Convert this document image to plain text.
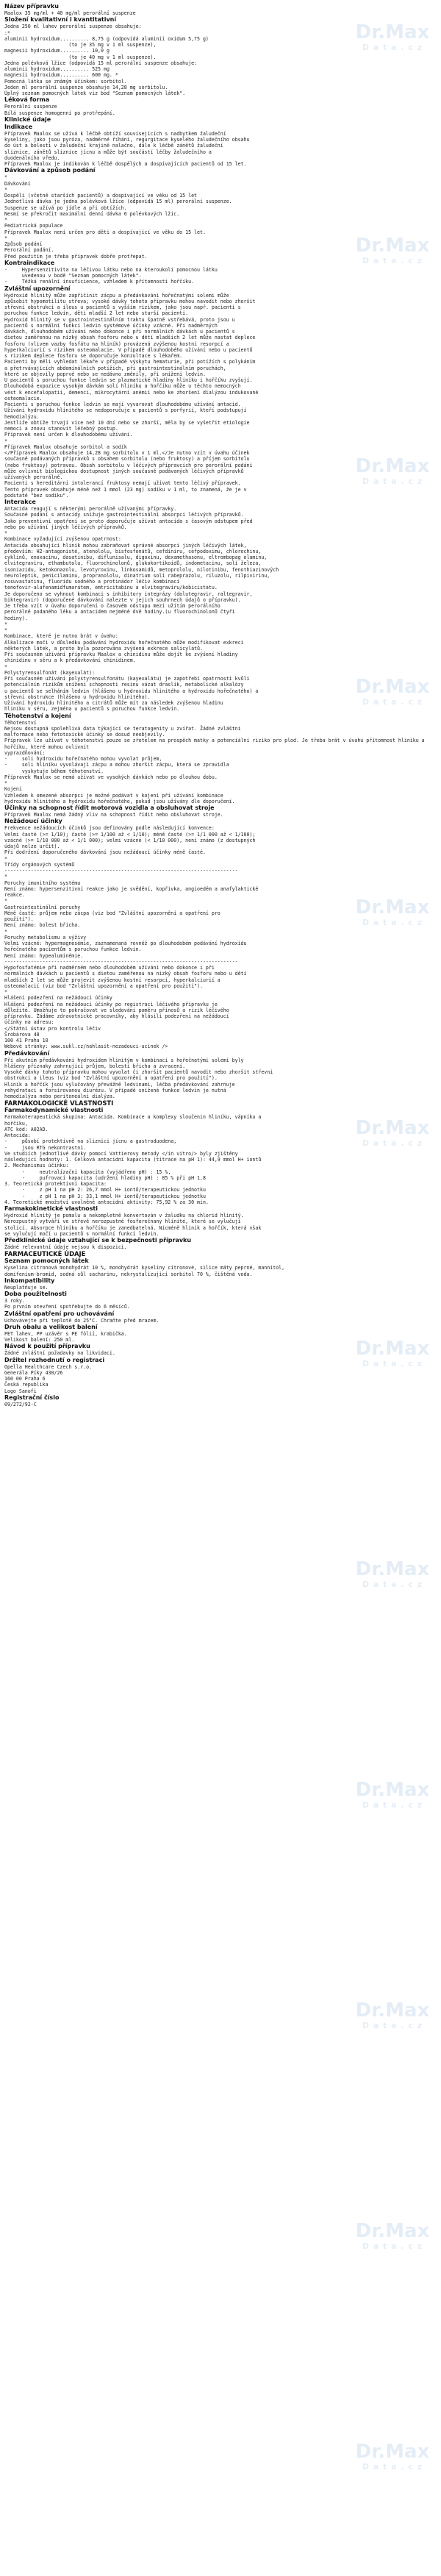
Dr.Max
D a t a . c z
Dr.Max
D a t a . c z
Dr.Max
D a t a . c z
Dr.Max
D a t a . c z
Dr.Max
D a t a . c z
Dr.Max
D a t a . c z
Dr.Max
D a t a . c z
Dr.Max
D a t a . c z
Dr.Max
D a t a . c z
Dr.Max
D a t a . c z
Dr.Max
D a t a . c z
Dr.Max
D a t a . c z
Název přípravku
Maalox 35 mg/ml + 40 mg/ml perorální suspenze
Složení kvalitativní i kvantitativní
Jedna 250 ml lahev perorální suspenze obsahuje:
:*
aluminii hydroxidum.......... 8,75 g (odpovídá aluminii oxidum 5,75 g)
(to je 35 mg v 1 ml suspenze),
magnesii hydroxidum.......... 10,0 g
(to je 40 mg v 1 ml suspenze).
Jedna polévková lžíce (odpovídá 15 ml perorální suspenze obsahuje:
aluminii hydroxidum.......... 525 mg
magnesii hydroxidum.......... 600 mg. *
Pomocná látka se známým účinkem: sorbitol.
Jeden ml perorální suspenze obsahuje 14,28 mg sorbitolu.
Úplný seznam pomocných látek viz bod "Seznam pomocných látek".
Léková forma
Perorální suspenze
Bílá suspenze homogenní po protřepání.
Klinické údaje
Indikace
Přípravek Maalox se užívá k léčbě obtíží souvisejících s nadbytkem žaludeční
kyseliny, jako jsou pyróza, nadměrné říhání, regurgitace kyselého žaludečního obsahu
do úst a bolesti v žaludeční krajině nalačno, dále k léčbě zánětů žaludeční
sliznice, zánětů sliznice jícnu a může být součástí léčby žaludečního a
duodenálního vředu.
Přípravek Maalox je indikován k léčbě dospělých a dospívajících pacientů od 15 let.
Dávkování a způsob podání
*
Dávkování
*
Dospělí (včetně starších pacientů) a dospívající ve věku od 15 let
Jednotlivá dávka je jedna polévková lžíce (odpovídá 15 ml) perorální suspenze.
Suspenze se užívá po jídle a při obtížích.
Nesmí se překročit maximální denní dávka 6 polévkových lžic.
*
Pediatrická populace
Přípravek Maalox není určen pro děti a dospívající ve věku do 15 let.
*
Způsob podání
Perorální podání.
Před použitím je třeba přípravek dobře protřepat.
Kontraindikace
-     Hypersenzitivita na léčivou látku nebo na kteroukoli pomocnou látku
uvedenou v bodě "Seznam pomocných látek".
-     Těžká renální insuficience, vzhledem k přítomnosti hořčíku.
Zvláštní upozornění
Hydroxid hlinitý může zapříčinit zácpu a předávkování hořečnatými solemi může
způsobit hypomotilitu střeva; vysoké dávky tohoto přípravku mohou navodit nebo zhoršit
střevní obstrukci a ileus u pacientů s vyšším rizikem, jako jsou např. pacienti s
poruchou funkce ledvin, děti mladší 2 let nebo starší pacienti.
Hydroxid hlinitý se v gastrointestinálním traktu špatně vstřebává, proto jsou u
pacientů s normální funkcí ledvin systémové účinky vzácné. Při nadměrných
dávkách, dlouhodobém užívání nebo dokonce i při normálních dávkách u pacientů s
dietou zaměřenou na nízký obsah fosforu nebo u dětí mladších 2 let může nastat deplece
fosforu (vlivem vazby fosfátu na hliník) provázená zvýšenou kostní resorpcí a
hyperkalciurií s rizikem osteomalacie. V případě dlouhodobého užívání nebo u pacientů
s rizikem deplece fosforu se doporučuje konzultace s lékařem.
Pacienti by měli vyhledat lékaře v případě výskytu hematurie, při potížích s polykáním
a přetrvávajících abdominálních potížích, při gastrointestinálním poruchách,
které se objevily poprvé nebo se nedávno změnily, při snížení ledvin.
U pacientů s poruchou funkce ledvin se plazmatické hladiny hliníku i hořčíku zvyšují.
Dlouhodobá expozice vysokým dávkám solí hliníku a hořčíku může u těchto nemocných
vést k encefalopatii, demenci, mikrocytární anémii nebo ke zhoršení dialýzou indukované
osteomalacie.
Pacienti s poruchou funkce ledvin se mají vyvarovat dlouhodobému užívání antacid.
Užívání hydroxidu hlinitého se nedoporučuje u pacientů s porfyrií, kteří podstupují
hemodialýzu.
Jestliže obtíže trvají více než 10 dní nebo se zhorší, měla by se vyšetřit etiologie
nemoci a znovu stanovit léčebný postup.
Přípravek není určen k dlouhodobému užívání.
*
Přípravek Maalox obsahuje sorbitol a sodík
</Přípravek Maalox obsahuje 14,28 mg sorbitolu v 1 ml.</Je nutno vzít v úvahu účinek
současně podávaných přípravků s obsahem sorbitolu (nebo fruktosy) a příjem sorbitolu
(nebo fruktosy) potravou. Obsah sorbitolu v léčivých přípravcích pro perorální podání
může ovlivnit biologickou dostupnost jiných současně podávaných léčivých přípravků
užívaných perorálně.
Pacienti s hereditární intolerancí fruktosy nemají užívat tento léčivý přípravek.
Tento přípravek obsahuje méně než 1 mmol (23 mg) sodíku v 1 ml, to znamená, že je v
podstatě "bez sodíku".
Interakce
Antacida reagují s některými perorálně užívanými přípravky.
Současné podání s antacidy snižuje gastrointestinální absorpci léčivých přípravků.
Jako preventivní opatření se proto doporučuje užívat antacida s časovým odstupem před
nebo po užívání jiných léčivých přípravků.
*
Kombinace vyžadující zvýšenou opatrnost:
Antacida obsahující hliník mohou zabraňovat správné absorpci jiných léčivých látek,
především: H2-antagonisté, atenololu, bisfosfonátů, cefdiniru, cefpodoximu, chlorochinu,
cyklinů, enoxacinu, dasatinibu, diflunisalu, digoxinu, dexamethasonu, eltrombopag olaminu,
elvitegraviru, ethambutolu, fluorochinolonů, glukokortikoidů, indometacinu, solí železa,
isoniazidu, ketokonazolu, levotyroxinu, linkosamidů, metoprololu, nilotinibu, fenothiazinových
neuroleptik, penicilaminu, propranololu, dinatrium solí rabeprazolu, riluzolu, rilpivirinu,
rosuvastatinu, fluoridu sodného a protinádor léčiv kombinací
tenofovir-alafenamidfumarátem, emtricitabinu a elvitegraviru/kobicistatu.
Je doporučeno se vyhnout kombinaci s inhibitory integrázy (dolutegravir, raltegravir,
biktegravir) (doporučené dávkování nalezte v jejich souhrnech údajů o přípravku).
Je třeba vzít v úvahu doporučení o časovém odstupu mezi užitím perorálního
perorálně podaného léku a antacidem nejméně dvě hodiny.(u fluorochinolonů čtyři
hodiny).
*
*
Kombinace, které je nutno brát v úvahu:
Alkalizace moči v důsledku podávání hydroxidu hořečnatého může modifikovat exkreci
některých látek, a proto byla pozorována zvýšená exkrece salicylátů.
Při současném užívání přípravku Maalox a chinidinu může dojít ke zvýšení hladiny
chinidinu v séru a k předávkování chinidinem.
*
Polystyrensulfonát (kayexalát):
Při současném užívání polystyrensulfonátu (kayexalátu) je zapotřebí opatrnosti kvůli
potenciálním rizikům snížení schopnosti resinu vázat draslík, metabolické alkalózy
u pacientů se selháním ledvin (hlášeno u hydroxidu hlinitého a hydroxidu hořečnatého) a
střevní obstrukce (hlášeno u hydroxidu hlinitého).
Užívání hydroxidu hlinitého a citrátů může mít za následek zvýšenou hladinu
hliníku v séru, zejména u pacientů s poruchou funkce ledvin.
Těhotenství a kojení
Těhotenství
Nejsou dostupná spolehlivá data týkající se teratogenity u zvířat. Žádné zvláštní
malformace nebo fetotoxické účinky se dosud neobjevily.
Přípravek lze užívat v těhotenství pouze se zřetelem na prospěch matky a potenciální riziko pro plod. Je třeba brát v úvahu přítomnost hliníku a hořčíku, které mohou ovlivnit
vyprazdňování:
-     soli hydroxidu hořečnatého mohou vyvolat průjem,
-     soli hliníku vyvolávají zácpu a mohou zhoršit zácpu, která se zpravidla
vyskytuje během těhotenství.
Přípravek Maalox se nemá užívat ve vysokých dávkách nebo po dlouhou dobu.
*
Kojení
Vzhledem k omezené absorpci je možné podávat v kojení při užívání kombinace
hydroxidu hlinitého a hydroxidu hořečnatého, pokud jsou užívány dle doporučení.
Účinky na schopnost řídit motorová vozidla a obsluhovat stroje
Přípravek Maalox nemá žádný vliv na schopnost řídit nebo obsluhovat stroje.
Nežádoucí účinky
Frekvence nežádoucích účinků jsou definovány podle následující konvence:
Velmi časté (>= 1/10); časté (>= 1/100 až < 1/10); méně časté (>= 1/1 000 až < 1/100);
vzácné (>= 1/10 000 až < 1/1 000); velmi vzácné (< 1/10 000), není známo (z dostupných
údajů nelze určit).
Při dodržení doporučeného dávkování jsou nežádoucí účinky méně časté.
*
Třídy orgánových systémů
--------------------------------------------------------------------------------
*
Poruchy imunitního systému
Není známo: hypersenzitivní reakce jako je svědění, kopřivka, angioedém a anafylaktické
reakce.
*
Gastrointestinální poruchy
Méně časté: průjem nebo zácpa (viz bod "Zvláštní upozornění a opatření pro
použití").
Není známo: bolest břicha.
*
Poruchy metabolismu a výživy
Velmi vzácné: hypermagnesémie, zaznamenaná rovněž po dlouhodobém podávání hydroxidu
hořečnatého pacientům s poruchou funkce ledvin.
Není známo: hypealuminémie.
--------------------------------------------------------------------------------
Hypofosfatémie při nadměrném nebo dlouhodobém užívání nebo dokonce i při
normálních dávkách u pacientů s dietou zaměřenou na nízký obsah fosforu nebo u dětí
mladších 2 let se může projevit zvýšenou kostní resorpcí, hyperkalciurií a
osteomalacií (viz bod "Zvláštní upozornění a opatření pro použití").
*
Hlášení podezření na nežádoucí účinky
Hlášení podezření na nežádoucí účinky po registraci léčivého přípravku je
důležité. Umožňuje to pokračovat ve sledování poměru přínosů a rizik léčivého
přípravku. Žádáme zdravotnické pracovníky, aby hlásili podezření na nežádoucí
účinky na adresu:
</Státní ústav pro kontrolu léčiv
Šrobárova 48
100 41 Praha 10
Webové stránky: www.sukl.cz/nahlasit-nezadouci-ucinek />
Předávkování
Při akutním předávkování hydroxidem hlinitým v kombinaci s hořečnatými solemi byly
hlášeny příznaky zahrnující průjem, bolesti břicha a zvracení.
Vysoké dávky tohoto přípravku mohou vyvolat či zhoršit pacientů navodit nebo zhoršit střevní
obstrukci a ileus (viz bod "Zvláštní upozornění a opatření pro použití").
Hliník a hořčík jsou vylučovány převážně ledvinami, léčba předávkování zahrnuje
rehydrataci a forsírovanou diurézu. V případě snížené funkce ledvin je nutná
hemodialýza nebo peritoneální dialýza.
FARMAKOLOGICKÉ VLASTNOSTI
Farmakodynamické vlastnosti
Farmakoterapeutická skupina: Antacida. Kombinace a komplexy sloučenin hliníku, vápníku a
hořčíku,
ATC kód: A02AD.
Antacida:
-     působí protektivně na sliznici jícnu a gastroduodena,
-     jsou RTG nekontrastní.
Ve studiích jednotlivé dávky pomocí Vattierovy metody </in vitro/> byly zjištěny
následující hodnoty: 1. Celková antacidní kapacita (titrace na pH 1): 44,9 mmol H+ iontů
2. Mechanismus účinku:
-     neutralizační kapacita (vyjádřeno pH) : 15 %,
-     pufrovací kapacita (udržení hladiny pH) : 85 % při pH 1,8
3. Teoretická protektivní kapacita:
-     z pH 1 na pH 2: 26,7 mmol H+ iontů/terapeutickou jednotku
-     z pH 1 na pH 3: 33,1 mmol H+ iontů/terapeutickou jednotku
4. Teoretické množství uvolněné antacidní aktivity: 75,92 % za 30 min.
Farmakokinetické vlastnosti
Hydroxid hlinitý je pomalu a nekompletně konvertován v žaludku na chlorid hlinitý.
Nerozpustný vytváří ve střevě nerozpustné fosforečnany hlinité, které se vylučují
stolicí. Absorpce hliníku a hořčíku je zanedbatelná. Nicméně hliník a hořčík, která však
se vylučují močí u pacientů s normální funkcí ledvin.
Předklinické údaje vztahující se k bezpečnosti přípravku
Žádné relevantní údaje nejsou k dispozici.
FARMACEUTICKÉ ÚDAJE
Seznam pomocných látek
Kyselina citronová monohydrát 10 %, monohydrát kyseliny citronové, silice máty peprné, mannitol,
domifenium-bromid, sodná sůl sacharinu, nekrystalizující sorbitol 70 %, čištěná voda.
Inkompatibility
Neuplatňuje se.
Doba použitelnosti
3 roky.
Po prvním otevření spotřebujte do 6 měsíců.
Zvláštní opatření pro uchovávání
Uchovávejte při teplotě do 25°C. Chraňte před mrazem.
Druh obalu a velikost balení
PET lahev, PP uzávěr s PE fólií, krabička.
Velikost balení: 250 ml.
Návod k použití přípravku
Žádné zvláštní požadavky na likvidaci.
Držitel rozhodnutí o registraci
Opella Healthcare Czech s.r.o.
Generála Píky 430/26
160 00 Praha 6
Česká republika
Logo Sanofi
Registrační číslo
09/272/92-C
